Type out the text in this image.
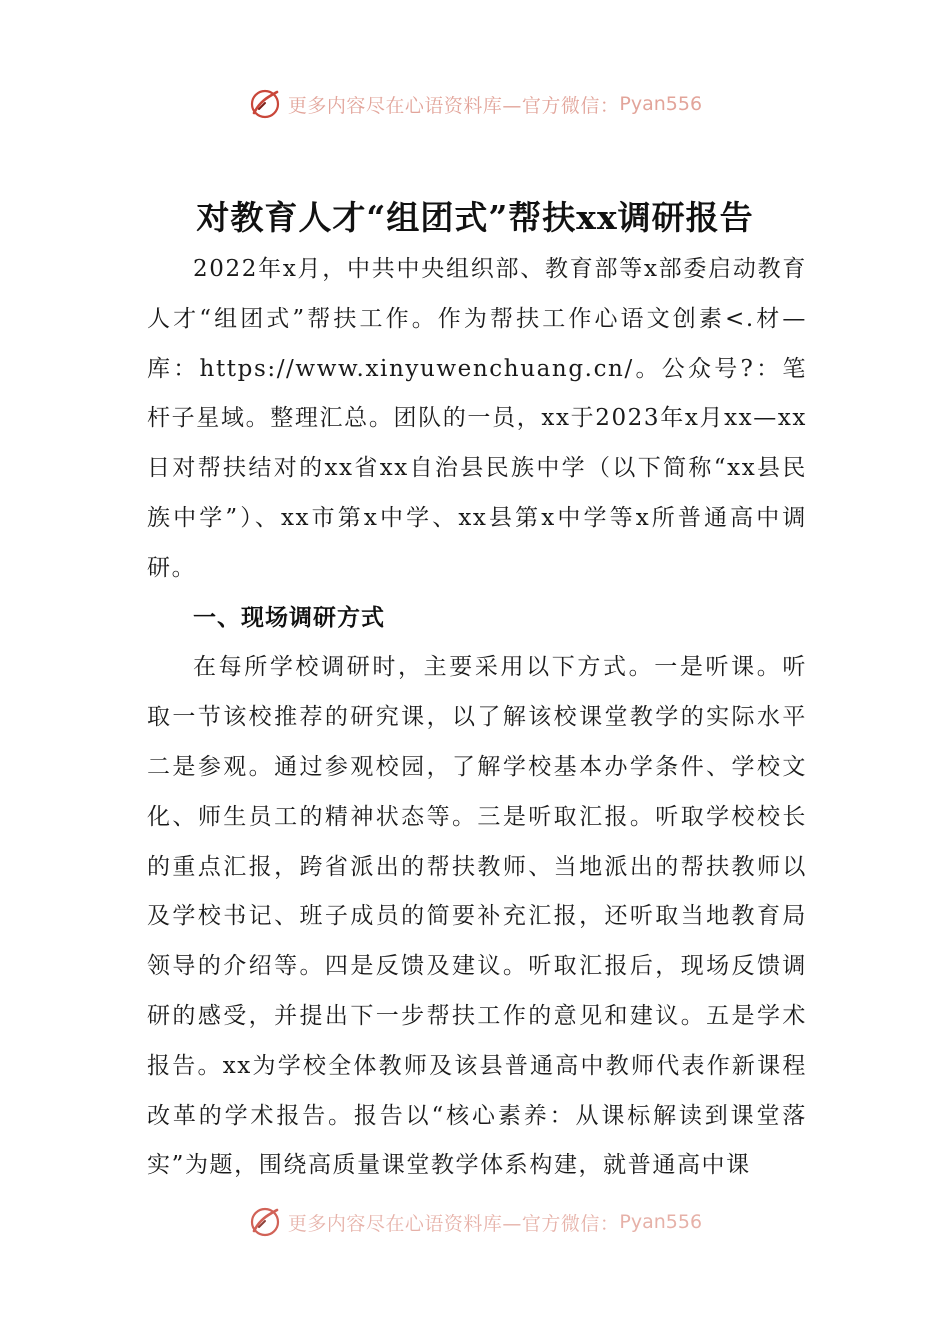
更多内容尽在心语资料库—官方微信： Pyan556
对教育人才“组团式”帮扶xx调研报告

2022年x月，中共中央组织部、教育部等x部委启动教育人才“组团式”帮扶工作。作为帮扶工作心语文创素<.材—库：https://www.xinyuwenchuang.cn/。公众号?：笔杆子星域。整理汇总。团队的一员，xx于2023年x月xx—xx日对帮扶结对的xx省xx自治县民族中学（以下简称“xx县民族中学”）、xx市第x中学、xx县第x中学等x所普通高中调研。

一、现场调研方式

在每所学校调研时，主要采用以下方式。一是听课。听取一节该校推荐的研究课，以了解该校课堂教学的实际水平二是参观。通过参观校园，了解学校基本办学条件、学校文化、师生员工的精神状态等。三是听取汇报。听取学校校长的重点汇报，跨省派出的帮扶教师、当地派出的帮扶教师以及学校书记、班子成员的简要补充汇报，还听取当地教育局领导的介绍等。四是反馈及建议。听取汇报后，现场反馈调研的感受，并提出下一步帮扶工作的意见和建议。五是学术报告。xx为学校全体教师及该县普通高中教师代表作新课程改革的学术报告。报告以“核心素养：从课标解读到课堂落实”为题，围绕高质量课堂教学体系构建，就普通高中课

更多内容尽在心语资料库—官方微信： Pyan556
